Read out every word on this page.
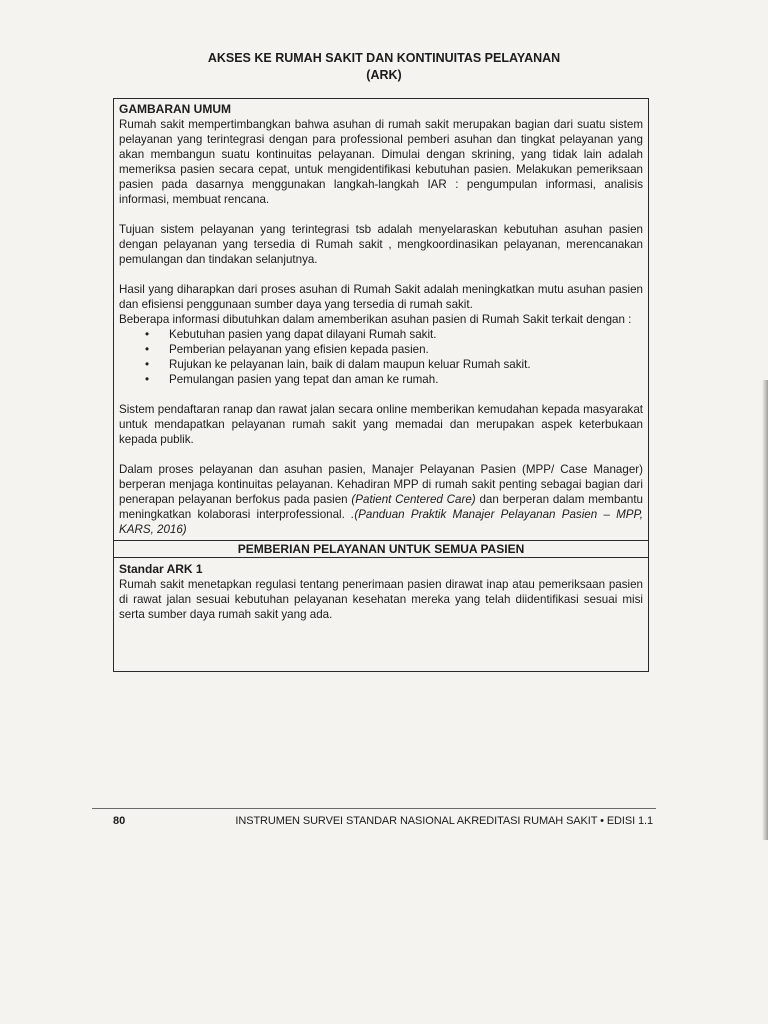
AKSES KE RUMAH SAKIT DAN KONTINUITAS PELAYANAN
(ARK)

GAMBARAN UMUM

Rumah sakit mempertimbangkan bahwa asuhan di rumah sakit merupakan bagian dari suatu sistem pelayanan yang terintegrasi dengan para professional pemberi asuhan dan tingkat pelayanan yang akan membangun suatu kontinuitas pelayanan. Dimulai dengan skrining, yang tidak lain adalah memeriksa pasien secara cepat, untuk mengidentifikasi kebutuhan pasien. Melakukan pemeriksaan pasien pada dasarnya menggunakan langkah-langkah IAR : pengumpulan informasi, analisis informasi, membuat rencana.

Tujuan sistem pelayanan yang terintegrasi tsb adalah menyelaraskan kebutuhan asuhan pasien dengan pelayanan yang tersedia di Rumah sakit , mengkoordinasikan pelayanan, merencanakan pemulangan dan tindakan selanjutnya.

Hasil yang diharapkan dari proses asuhan di Rumah Sakit adalah meningkatkan mutu asuhan pasien dan efisiensi penggunaan sumber daya yang tersedia di rumah sakit.

Beberapa informasi dibutuhkan dalam amemberikan asuhan pasien di Rumah Sakit terkait dengan :

• Kebutuhan pasien yang dapat dilayani Rumah sakit.
• Pemberian pelayanan yang efisien kepada pasien.
• Rujukan ke pelayanan lain, baik di dalam maupun keluar Rumah sakit.
• Pemulangan pasien yang tepat dan aman ke rumah.

Sistem pendaftaran ranap dan rawat jalan secara online memberikan kemudahan kepada masyarakat untuk mendapatkan pelayanan rumah sakit yang memadai dan merupakan aspek keterbukaan kepada publik.

Dalam proses pelayanan dan asuhan pasien, Manajer Pelayanan Pasien (MPP/ Case Manager) berperan menjaga kontinuitas pelayanan. Kehadiran MPP di rumah sakit penting sebagai bagian dari penerapan pelayanan berfokus pada pasien (Patient Centered Care) dan berperan dalam membantu meningkatkan kolaborasi interprofessional. .(Panduan Praktik Manajer Pelayanan Pasien – MPP, KARS, 2016)

PEMBERIAN PELAYANAN UNTUK SEMUA PASIEN

Standar ARK 1

Rumah sakit menetapkan regulasi tentang penerimaan pasien dirawat inap atau pemeriksaan pasien di rawat jalan sesuai kebutuhan pelayanan kesehatan mereka yang telah diidentifikasi sesuai misi serta sumber daya rumah sakit yang ada.

80	INSTRUMEN SURVEI STANDAR NASIONAL AKREDITASI RUMAH SAKIT • EDISI 1.1
